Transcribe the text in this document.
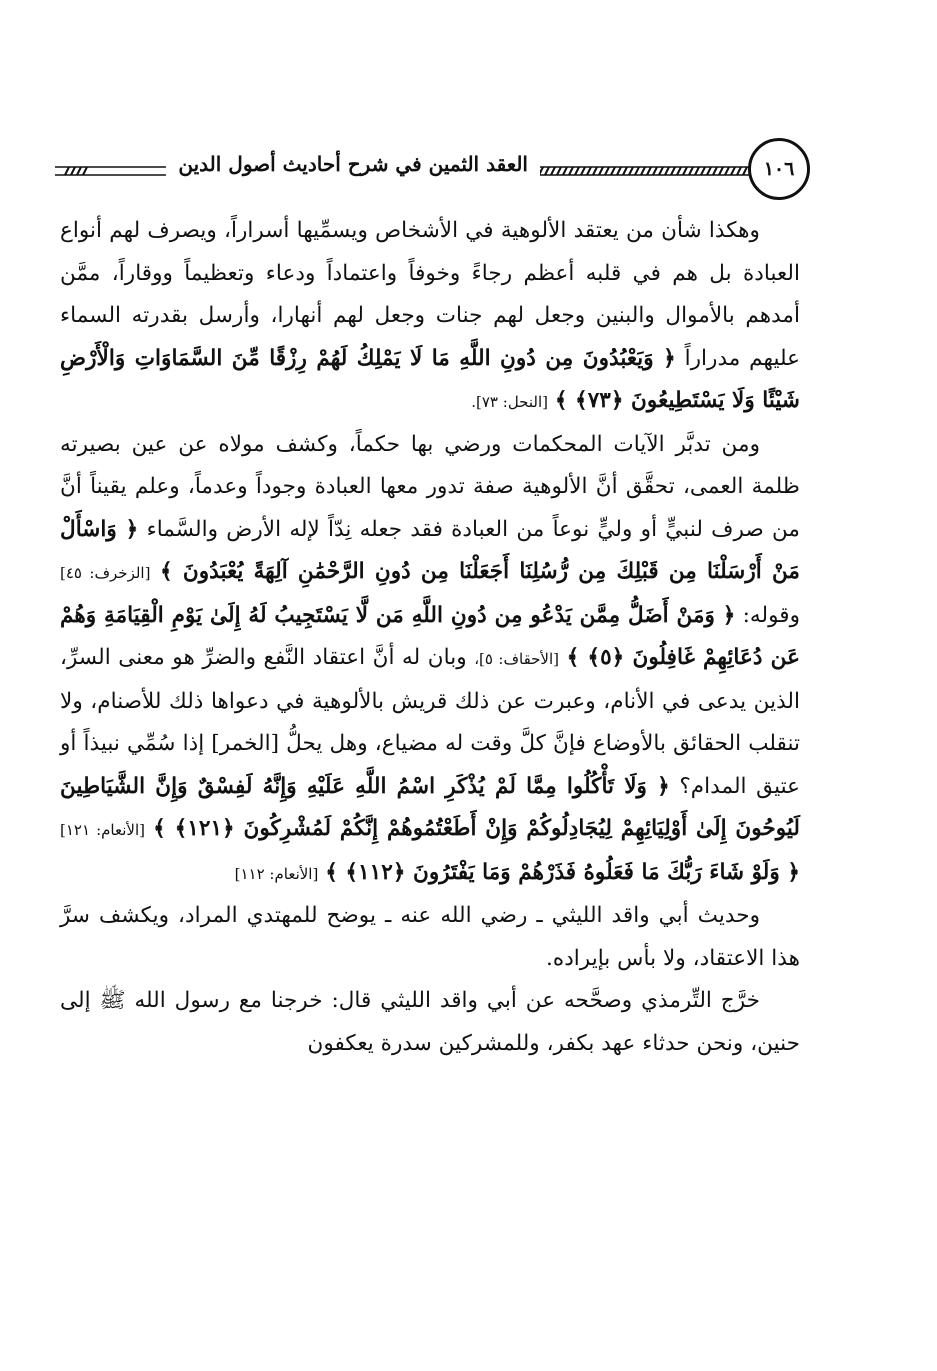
العقد الثمين في شرح أحاديث أصول الدين	١٠٦

وهكذا شأن من يعتقد الألوهية في الأشخاص ويسمِّيها أسراراً، ويصرف لهم أنواع العبادة بل هم في قلبه أعظم رجاءً وخوفاً واعتماداً ودعاء وتعظيماً ووقاراً، ممَّن أمدهم بالأموال والبنين وجعل لهم جنات وجعل لهم أنهارا، وأرسل بقدرته السماء عليهم مدراراً ﴿ وَيَعْبُدُونَ مِن دُونِ اللَّهِ مَا لَا يَمْلِكُ لَهُمْ رِزْقًا مِّنَ السَّمَاوَاتِ وَالْأَرْضِ شَيْئًا وَلَا يَسْتَطِيعُونَ ﴿٧٣﴾ ﴾ [النحل: ٧٣].

ومن تدبَّر الآيات المحكمات ورضي بها حكماً، وكشف مولاه عن عين بصيرته ظلمة العمى، تحقَّق أنَّ الألوهية صفة تدور معها العبادة وجوداً وعدماً، وعلم يقيناً أنَّ من صرف لنبيٍّ أو وليٍّ نوعاً من العبادة فقد جعله نِدّاً لإله الأرض والسَّماء ﴿ وَاسْأَلْ مَنْ أَرْسَلْنَا مِن قَبْلِكَ مِن رُّسُلِنَا أَجَعَلْنَا مِن دُونِ الرَّحْمَٰنِ آلِهَةً يُعْبَدُونَ ﴾ [الزخرف: ٤٥] وقوله: ﴿ وَمَنْ أَضَلُّ مِمَّن يَدْعُو مِن دُونِ اللَّهِ مَن لَّا يَسْتَجِيبُ لَهُ إِلَىٰ يَوْمِ الْقِيَامَةِ وَهُمْ عَن دُعَائِهِمْ غَافِلُونَ ﴿٥﴾ ﴾ [الأحقاف: ٥]، وبان له أنَّ اعتقاد النَّفع والضرِّ هو معنى السرِّ، الذين يدعى في الأنام، وعبرت عن ذلك قريش بالألوهية في دعواها ذلك للأصنام، ولا تنقلب الحقائق بالأوضاع فإنَّ كلَّ وقت له مضياع، وهل يحلُّ [الخمر] إذا سُمِّي نبيذاً أو عتيق المدام؟ ﴿ وَلَا تَأْكُلُوا مِمَّا لَمْ يُذْكَرِ اسْمُ اللَّهِ عَلَيْهِ وَإِنَّهُ لَفِسْقٌ وَإِنَّ الشَّيَاطِينَ لَيُوحُونَ إِلَىٰ أَوْلِيَائِهِمْ لِيُجَادِلُوكُمْ وَإِنْ أَطَعْتُمُوهُمْ إِنَّكُمْ لَمُشْرِكُونَ ﴿١٢١﴾ ﴾ [الأنعام: ١٢١] ﴿ وَلَوْ شَاءَ رَبُّكَ مَا فَعَلُوهُ فَذَرْهُمْ وَمَا يَفْتَرُونَ ﴿١١٢﴾ ﴾ [الأنعام: ١١٢]

وحديث أبي واقد الليثي ـ رضي الله عنه ـ يوضح للمهتدي المراد، ويكشف سرَّ هذا الاعتقاد، ولا بأس بإيراده.

خرَّج التِّرمذي وصحَّحه عن أبي واقد الليثي قال: خرجنا مع رسول الله ﷺ إلى حنين، ونحن حدثاء عهد بكفر، وللمشركين سدرة يعكفون
